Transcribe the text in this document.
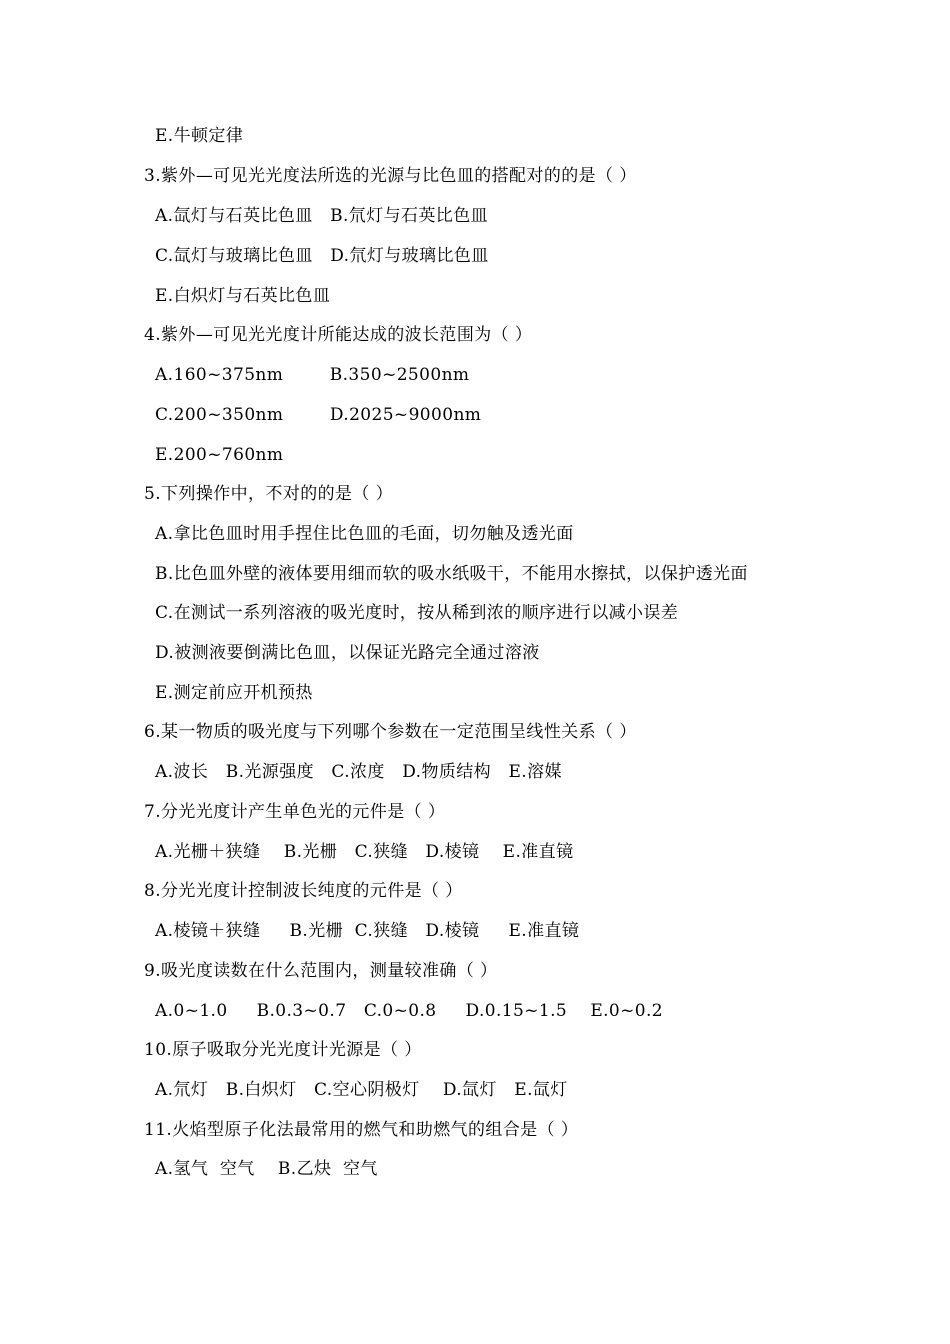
E.牛顿定律
3.紫外—可见光光度法所选的光源与比色皿的搭配对的的是（ ）
A.氙灯与石英比色皿   B.氘灯与石英比色皿
C.氙灯与玻璃比色皿   D.氘灯与玻璃比色皿
E.白炽灯与石英比色皿
4.紫外—可见光光度计所能达成的波长范围为（ ）
A.160~375nm        B.350~2500nm
C.200~350nm        D.2025~9000nm
E.200~760nm
5.下列操作中，不对的的是（ ）
A.拿比色皿时用手捏住比色皿的毛面，切勿触及透光面
B.比色皿外壁的液体要用细而软的吸水纸吸干，不能用水擦拭，以保护透光面
C.在测试一系列溶液的吸光度时，按从稀到浓的顺序进行以减小误差
D.被测液要倒满比色皿，以保证光路完全通过溶液
E.测定前应开机预热
6.某一物质的吸光度与下列哪个参数在一定范围呈线性关系（ ）
A.波长   B.光源强度   C.浓度   D.物质结构   E.溶媒
7.分光光度计产生单色光的元件是（ ）
A.光栅＋狭缝    B.光栅   C.狭缝   D.棱镜    E.准直镜
8.分光光度计控制波长纯度的元件是（ ）
A.棱镜＋狭缝     B.光栅  C.狭缝   D.棱镜     E.准直镜
9.吸光度读数在什么范围内，测量较准确（ ）
A.0~1.0     B.0.3~0.7   C.0~0.8     D.0.15~1.5    E.0~0.2
10.原子吸取分光光度计光源是（ ）
A.氘灯   B.白炽灯   C.空心阴极灯    D.氙灯   E.氙灯
11.火焰型原子化法最常用的燃气和助燃气的组合是（ ）
A.氢气  空气    B.乙炔  空气
